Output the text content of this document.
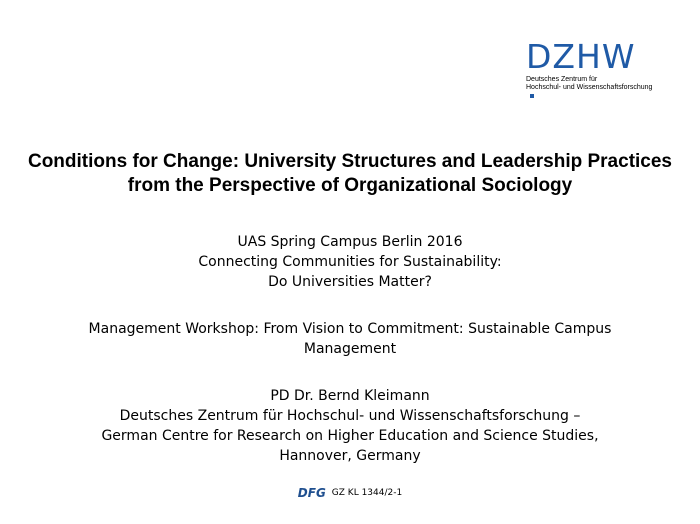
DZHW
Deutsches Zentrum für
Hochschul- und Wissenschaftsforschung
Conditions for Change: University Structures and Leadership Practices
from the Perspective of Organizational Sociology
UAS Spring Campus Berlin 2016
Connecting Communities for Sustainability:
Do Universities Matter?
Management Workshop: From Vision to Commitment: Sustainable Campus
Management
PD Dr. Bernd Kleimann
Deutsches Zentrum für Hochschul- und Wissenschaftsforschung –
German Centre for Research on Higher Education and Science Studies,
Hannover, Germany
DFG GZ KL 1344/2-1
